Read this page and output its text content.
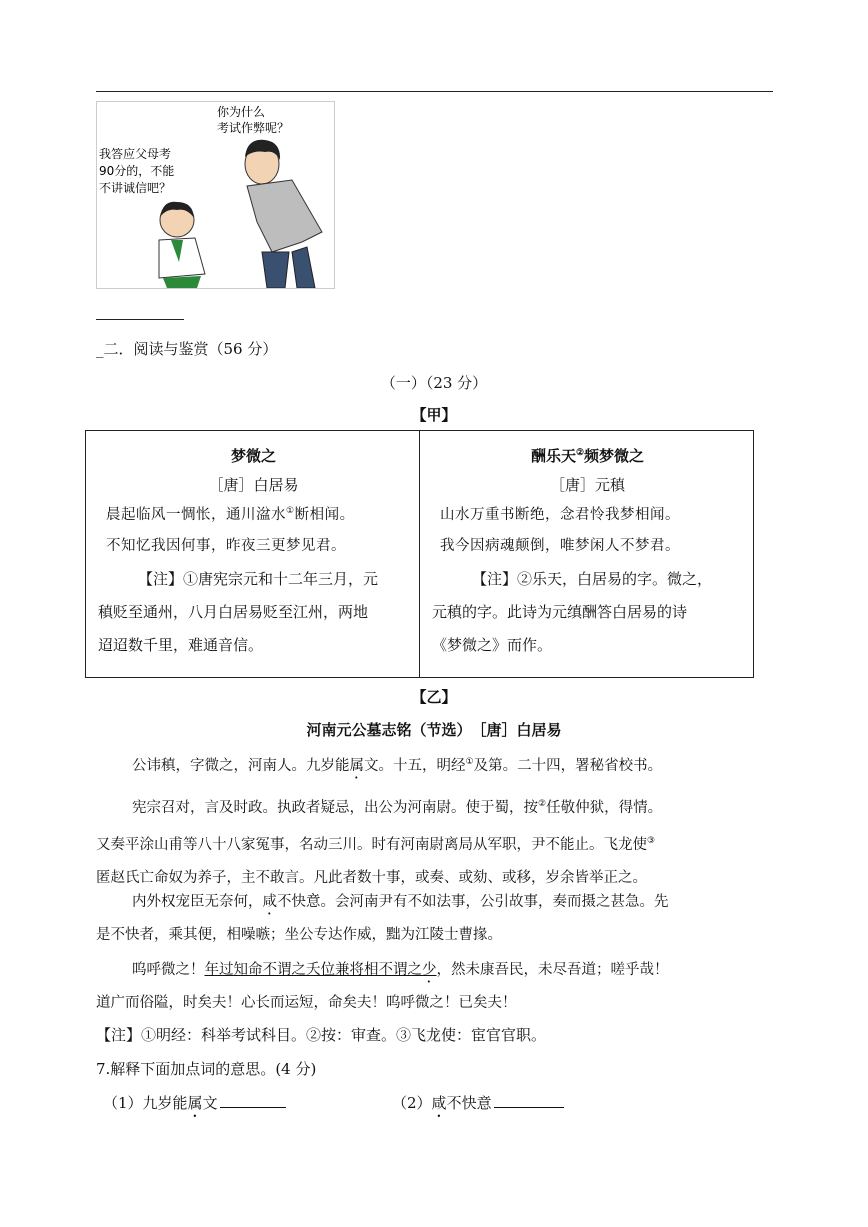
你为什么
考试作弊呢？
我答应父母考
90分的，不能
不讲诚信吧？
_二．阅读与鉴赏（56 分）
（一）（23 分）
【甲】
梦微之
［唐］白居易
晨起临风一惆怅，通川湓水①断相闻。
不知忆我因何事，昨夜三更梦见君。
【注】①唐宪宗元和十二年三月，元
稹贬至通州，八月白居易贬至江州，两地
迢迢数千里，难通音信。

酬乐天②频梦微之
［唐］元稹
山水万重书断绝，念君怜我梦相闻。
我今因病魂颠倒，唯梦闲人不梦君。
【注】②乐天，白居易的字。微之，
元稹的字。此诗为元缜酬答白居易的诗
《梦微之》而作。
【乙】
河南元公墓志铭（节选）　［唐］白居易
公讳稹，字微之，河南人。九岁能属文。十五，明经①及第。二十四，署秘省校书。
宪宗召对，言及时政。执政者疑忌，出公为河南尉。使于蜀，按②任敬仲狱，得情。
又奏平涂山甫等八十八家冤事，名动三川。时有河南尉离局从军职，尹不能止。飞龙使③
匿赵氏亡命奴为养子，主不敢言。凡此者数十事，或奏、或劾、或移，岁余皆举正之。
内外权宠臣无奈何，咸不快意。会河南尹有不如法事，公引故事，奏而摄之甚急。先
是不快者，乘其便，相噪嗾；坐公专达作威，黜为江陵士曹掾。
呜呼微之！年过知命不谓之夭位兼将相不谓之少，然未康吾民，未尽吾道；嗟乎哉！
道广而俗隘，时矣夫！心长而运短，命矣夫！呜呼微之！已矣夫！
【注】①明经：科举考试科目。②按：审查。③飞龙使：宦官官职。
7.解释下面加点词的意思。(4 分)
（1）九岁能属文	（2）咸不快意
